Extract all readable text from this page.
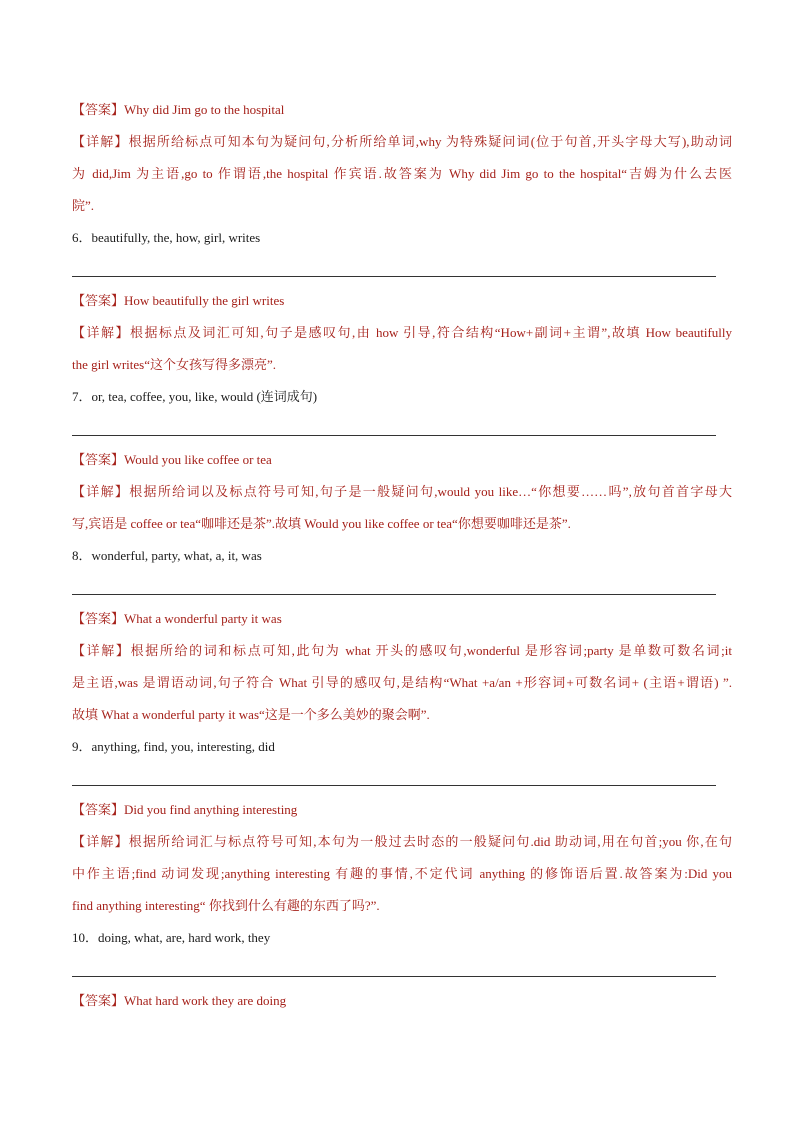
【答案】Why did Jim go to the hospital
【详解】根据所给标点可知本句为疑问句,分析所给单词,why 为特殊疑问词(位于句首,开头字母大写),助动词
为 did,Jim 为主语,go to 作谓语,the hospital 作宾语.故答案为 Why did Jim go to the hospital“吉姆为什么去医
院”.
6．beautifully, the, how, girl, writes
【答案】How beautifully the girl writes
【详解】根据标点及词汇可知,句子是感叹句,由 how 引导,符合结构“How+副词+主谓”,故填 How beautifully
the girl writes“这个女孩写得多漂亮”.
7．or, tea, coffee, you, like, would (连词成句)
【答案】Would you like coffee or tea
【详解】根据所给词以及标点符号可知,句子是一般疑问句,would you like…“你想要……吗”,放句首首字母大
写,宾语是 coffee or tea“咖啡还是茶”.故填 Would you like coffee or tea“你想要咖啡还是茶”.
8．wonderful, party, what, a, it, was
【答案】What a wonderful party it was
【详解】根据所给的词和标点可知,此句为 what 开头的感叹句,wonderful 是形容词;party 是单数可数名词;it
是主语,was 是谓语动词,句子符合 What 引导的感叹句,是结构“What +a/an +形容词+可数名词+ (主语+谓语) ”.
故填 What a wonderful party it was“这是一个多么美妙的聚会啊”.
9．anything, find, you, interesting, did
【答案】Did you find anything interesting
【详解】根据所给词汇与标点符号可知,本句为一般过去时态的一般疑问句.did 助动词,用在句首;you 你,在句
中作主语;find 动词发现;anything interesting 有趣的事情,不定代词 anything 的修饰语后置.故答案为:Did you
find anything interesting“ 你找到什么有趣的东西了吗?”.
10．doing, what, are, hard work, they
【答案】What hard work they are doing
